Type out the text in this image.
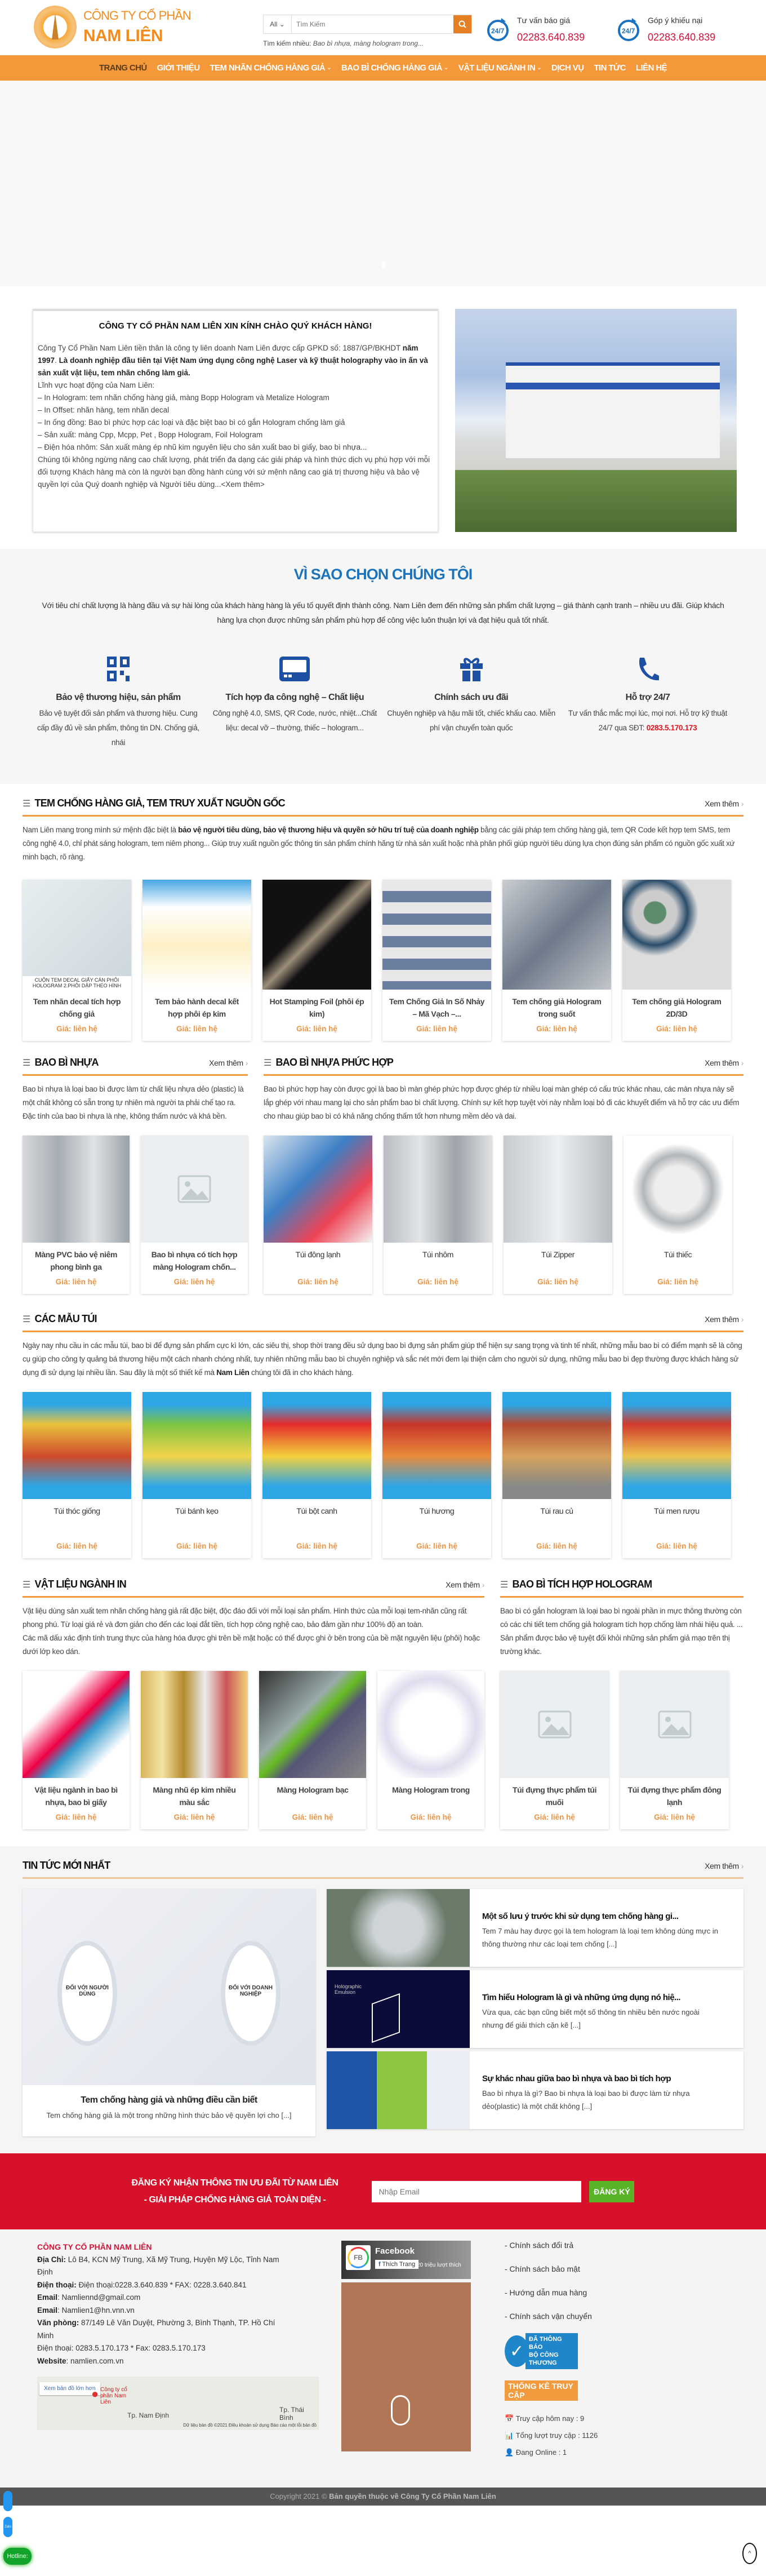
CÔNG TY CỔ PHẦN
NAM LIÊN
All ⌄
Tìm Kiếm
Tìm kiếm nhiều: Bao bì nhựa, màng hologram trong...
24/7
Tư vấn báo giá
02283.640.839
24/7
Góp ý khiếu nại
02283.640.839
TRANG CHỦ GIỚI THIỆU TEM NHÃN CHỐNG HÀNG GIẢ ⌄ BAO BÌ CHỐNG HÀNG GIẢ ⌄ VẬT LIỆU NGÀNH IN ⌄ DỊCH VỤ TIN TỨC LIÊN HỆ
CÔNG TY CỔ PHẦN NAM LIÊN XIN KÍNH CHÀO QUÝ KHÁCH HÀNG!

Công Ty Cổ Phần Nam Liên tiền thân là công ty liên doanh Nam Liên được cấp GPKD số: 1887/GP/BKHDT năm 1997. Là doanh nghiệp đầu tiên tại Việt Nam ứng dụng công nghệ Laser và kỹ thuật holography vào in ấn và sản xuất vật liệu, tem nhãn chống làm giả.

Lĩnh vực hoạt động của Nam Liên:

– In Hologram: tem nhãn chống hàng giả, màng Bopp Hologram và Metalize Hologram

– In Offset: nhãn hàng, tem nhãn decal

– In ống đồng: Bao bì phức hợp các loại và đặc biệt bao bì có gắn Hologram chống làm giả

– Sản xuất: màng Cpp, Mcpp, Pet , Bopp Hologram, Foil Hologram

– Điện hóa nhôm: Sản xuất màng ép nhũ kim nguyên liệu cho sản xuất bao bì giấy, bao bì nhựa...

Chúng tôi không ngừng nâng cao chất lượng, phát triển đa dạng các giải pháp và hình thức dịch vụ phù hợp với mỗi đối tượng Khách hàng mà còn là người bạn đồng hành cùng với sứ mệnh nâng cao giá trị thương hiệu và bảo vệ quyền lợi của Quý doanh nghiệp và Người tiêu dùng...<Xem thêm>

VÌ SAO CHỌN CHÚNG TÔI

Với tiêu chí chất lượng là hàng đầu và sự hài lòng của khách hàng hàng là yếu tố quyết định thành công. Nam Liên đem đến những sản phẩm chất lượng – giá thành cạnh tranh – nhiều ưu đãi. Giúp khách hàng lựa chọn được những sản phẩm phù hợp để công việc luôn thuận lợi và đạt hiệu quả tốt nhất.

Bảo vệ thương hiệu, sản phẩm

Bảo vệ tuyệt đối sản phẩm và thương hiệu. Cung cấp đầy đủ về sản phẩm, thông tin DN. Chống giả, nhái

Tích hợp đa công nghệ – Chất liệu

Công nghệ 4.0, SMS, QR Code, nước, nhiệt...Chất liệu: decal vỡ – thường, thiếc – hologram...

Chính sách ưu đãi

Chuyên nghiệp và hậu mãi tốt, chiếc khấu cao. Miễn phí vận chuyển toàn quốc

Hỗ trợ 24/7

Tư vấn thắc mắc mọi lúc, mọi nơi. Hỗ trợ kỹ thuật 24/7 qua SĐT: 0283.5.170.173

☰ TEM CHỐNG HÀNG GIẢ, TEM TRUY XUẤT NGUỒN GỐC	Xem thêm ›

Nam Liên mang trong mình sứ mệnh đặc biệt là bảo vệ người tiêu dùng, bảo vệ thương hiệu và quyền sở hữu trí tuệ của doanh nghiệp bằng các giải pháp tem chống hàng giả, tem QR Code kết hợp tem SMS, tem công nghệ 4.0, chỉ phát sáng hologram, tem niêm phong... Giúp truy xuất nguồn gốc thông tin sản phẩm chính hãng từ nhà sản xuất hoặc nhà phân phối giúp người tiêu dùng lựa chọn đúng sản phẩm có nguồn gốc xuất xứ minh bạch, rõ ràng.

CUỘN TEM DECAL GIẤY CÁN PHÔI HOLOGRAM 2.PHÔI DẬP THEO HÌNH
Tem nhãn decal tích hợp chống giả
Giá: liên hệ
Tem bảo hành decal kết hợp phôi ép kim
Giá: liên hệ
Hot Stamping Foil (phôi ép kim)
Giá: liên hệ
Tem Chống Giả In Số Nhảy – Mã Vạch –...
Giá: liên hệ
Tem chống giả Hologram trong suốt
Giá: liên hệ
Tem chống giả Hologram 2D/3D
Giá: liên hệ
☰ BAO BÌ NHỰA	Xem thêm ›

Bao bì nhựa là loại bao bì được làm từ chất liệu nhựa dẻo (plastic) là một chất không có sẵn trong tự nhiên mà người ta phải chế tạo ra. Đặc tính của bao bì nhựa là nhẹ, không thấm nước và khá bền.

Màng PVC bảo vệ niêm phong bình ga
Giá: liên hệ
Bao bì nhựa có tích hợp màng Hologram chốn...
Giá: liên hệ
☰ BAO BÌ NHỰA PHỨC HỢP	Xem thêm ›

Bao bì phức hợp hay còn được gọi là bao bì màn ghép phức hợp được ghép từ nhiều loại màn ghép có cấu trúc khác nhau, các màn nhựa này sẽ lắp ghép với nhau mang lại cho sản phẩm bao bì chất lượng. Chính sự kết hợp tuyệt vời này nhằm loại bỏ đi các khuyết điểm và hỗ trợ các ưu điểm cho nhau giúp bao bì có khả năng chống thấm tốt hơn nhưng mềm dẻo và dai.

Túi đông lạnh
Giá: liên hệ
Túi nhôm
Giá: liên hệ
Túi Zipper
Giá: liên hệ
Túi thiếc
Giá: liên hệ
☰ CÁC MẪU TÚI	Xem thêm ›

Ngày nay nhu cầu in các mẫu túi, bao bì để đựng sản phẩm cực kì lớn, các siêu thị, shop thời trang đều sử dụng bao bì đựng sản phẩm giúp thể hiện sự sang trọng và tinh tế nhất, những mẫu bao bì có điểm mạnh sẽ là công cụ giúp cho công ty quảng bá thương hiệu một cách nhanh chóng nhất, tuy nhiên những mẫu bao bì chuyên nghiệp và sắc nét mới đem lại thiện cảm cho người sử dụng, những mẫu bao bì đẹp thường được khách hàng sử dụng đi sử dụng lại nhiều lần. Sau đây là một số thiết kế mà Nam Liên chúng tôi đã in cho khách hàng.

Túi thóc giống
Giá: liên hệ
Túi bánh kẹo
Giá: liên hệ
Túi bột canh
Giá: liên hệ
Túi hương
Giá: liên hệ
Túi rau củ
Giá: liên hệ
Túi men rượu
Giá: liên hệ
☰ VẬT LIỆU NGÀNH IN	Xem thêm ›

Vật liệu dùng sản xuất tem nhãn chống hàng giả rất đặc biệt, độc đáo đối với mỗi loại sản phẩm. Hình thức của mỗi loại tem-nhãn cũng rất phong phú. Từ loại giá rẻ và đơn giản cho đến các loại đắt tiền, tích hợp công nghệ cao, bảo đảm gần như 100% độ an toàn.

Các mã dấu xác định tính trung thực của hàng hóa được ghi trên bề mặt hoặc có thể được ghi ở bên trong của bề mặt nguyên liệu (phôi) hoặc dưới lớp keo dán.

Vật liệu ngành in bao bì nhựa, bao bì giấy
Giá: liên hệ
Màng nhũ ép kim nhiều màu sắc
Giá: liên hệ
Màng Hologram bạc
Giá: liên hệ
Màng Hologram trong
Giá: liên hệ
☰ BAO BÌ TÍCH HỢP HOLOGRAM

Bao bì có gắn hologram là loại bao bì ngoài phần in mực thông thường còn có các chi tiết tem chống giả hologram tích hợp chống làm nhái hiệu quả. ... Sản phẩm được bảo vệ tuyệt đối khỏi những sản phẩm giả mạo trên thị trường khác.

Túi đựng thực phẩm túi muối
Giá: liên hệ
Túi đựng thực phẩm đông lạnh
Giá: liên hệ
TIN TỨC MỚI NHẤT	Xem thêm ›
ĐỐI VỚI NGƯỜI DÙNG
ĐỐI VỚI DOANH NGHIỆP
Tem chống hàng giả và những điều cần biết

Tem chống hàng giả là một trong những hình thức bảo vệ quyền lợi cho [...]

Một số lưu ý trước khi sử dụng tem chống hàng gi...

Tem 7 màu hay được gọi là tem hologram là loại tem không dùng mực in thông thường như các loại tem chống [...]

Holographic Emulsion
Tìm hiểu Hologram là gì và những ứng dụng nó hiệ...

Vừa qua, các bạn cũng biết một số thông tin nhiều bên nước ngoài nhưng để giải thích cặn kẽ [...]

Sự khác nhau giữa bao bì nhựa và bao bì tích hợp

Bao bì nhựa là gì? Bao bì nhựa là loại bao bì được làm từ nhựa dẻo(plastic) là một chất không [...]

ĐĂNG KÝ NHẬN THÔNG TIN ƯU ĐÃI TỪ NAM LIÊN
- GIẢI PHÁP CHỐNG HÀNG GIẢ TOÀN DIỆN -
Nhập Email
ĐĂNG KÝ
CÔNG TY CỔ PHẦN NAM LIÊN
Địa Chỉ: Lô B4, KCN Mỹ Trung, Xã Mỹ Trung, Huyện Mỹ Lộc, Tỉnh Nam Định
Điện thoại: Điện thoại:0228.3.640.839 * FAX: 0228.3.640.841
Email: Namliennd@gmail.com
Email: Namlien1@hn.vnn.vn
Văn phòng: 87/149 Lê Văn Duyệt, Phường 3, Bình Thạnh, TP. Hồ Chí Minh
Điện thoại: 0283.5.170.173 * Fax: 0283.5.170.173
Website: namlien.com.vn
Xem bản đồ lớn hơn
● Công ty cổ phần Nam Liên
Tp. Nam Định
Tp. Thái Bình
Dữ liệu bản đồ ©2021 Điều khoản sử dụng Báo cáo một lỗi bản đồ
FB
Facebook
f Thích Trang 20 triệu lượt thích
- Chính sách đổi trả
- Chính sách bảo mật
- Hướng dẫn mua hàng
- Chính sách vận chuyển
✓
ĐÃ THÔNG BÁO
BỘ CÔNG THƯƠNG
THỐNG KÊ TRUY CẬP
📅 Truy cập hôm nay : 9
📊 Tổng lượt truy cập : 1126
👤 Đang Online : 1
Copyright 2021 © Bản quyền thuộc về Công Ty Cổ Phần Nam Liên
Zalo
Hotline:
02283.640.839
^
